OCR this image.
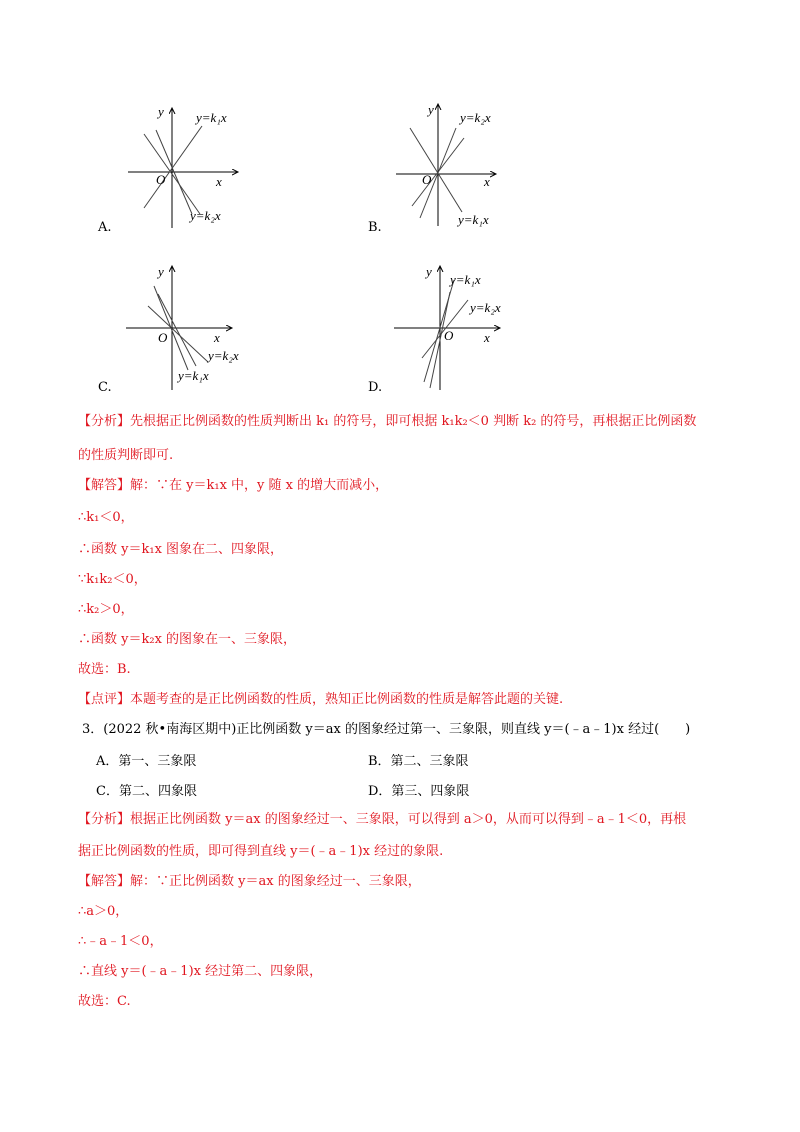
y
x
O
y=k₁x
y=k₂x
A.
y
x
O
y=k₂x
y=k₁x
B.
y
x
O
y=k₂x
y=k₁x
C.
y
x
O
y=k₁x
y=k₂x
D.
【分析】先根据正比例函数的性质判断出 k₁ 的符号，即可根据 k₁k₂＜0 判断 k₂ 的符号，再根据正比例函数
的性质判断即可.
【解答】解：∵在 y＝k₁x 中，y 随 x 的增大而减小，
∴k₁＜0，
∴函数 y＝k₁x 图象在二、四象限，
∵k₁k₂＜0，
∴k₂＞0，
∴函数 y＝k₂x 的图象在一、三象限，
故选：B.
【点评】本题考查的是正比例函数的性质，熟知正比例函数的性质是解答此题的关键.
3．(2022 秋•南海区期中)正比例函数 y＝ax 的图象经过第一、三象限，则直线 y＝(﹣a﹣1)x 经过(　　)
A．第一、三象限	B．第二、三象限
C．第二、四象限	D．第三、四象限
【分析】根据正比例函数 y＝ax 的图象经过一、三象限，可以得到 a＞0，从而可以得到﹣a﹣1＜0，再根
据正比例函数的性质，即可得到直线 y＝(﹣a﹣1)x 经过的象限.
【解答】解：∵正比例函数 y＝ax 的图象经过一、三象限，
∴a＞0，
∴﹣a﹣1＜0，
∴直线 y＝(﹣a﹣1)x 经过第二、四象限，
故选：C.
